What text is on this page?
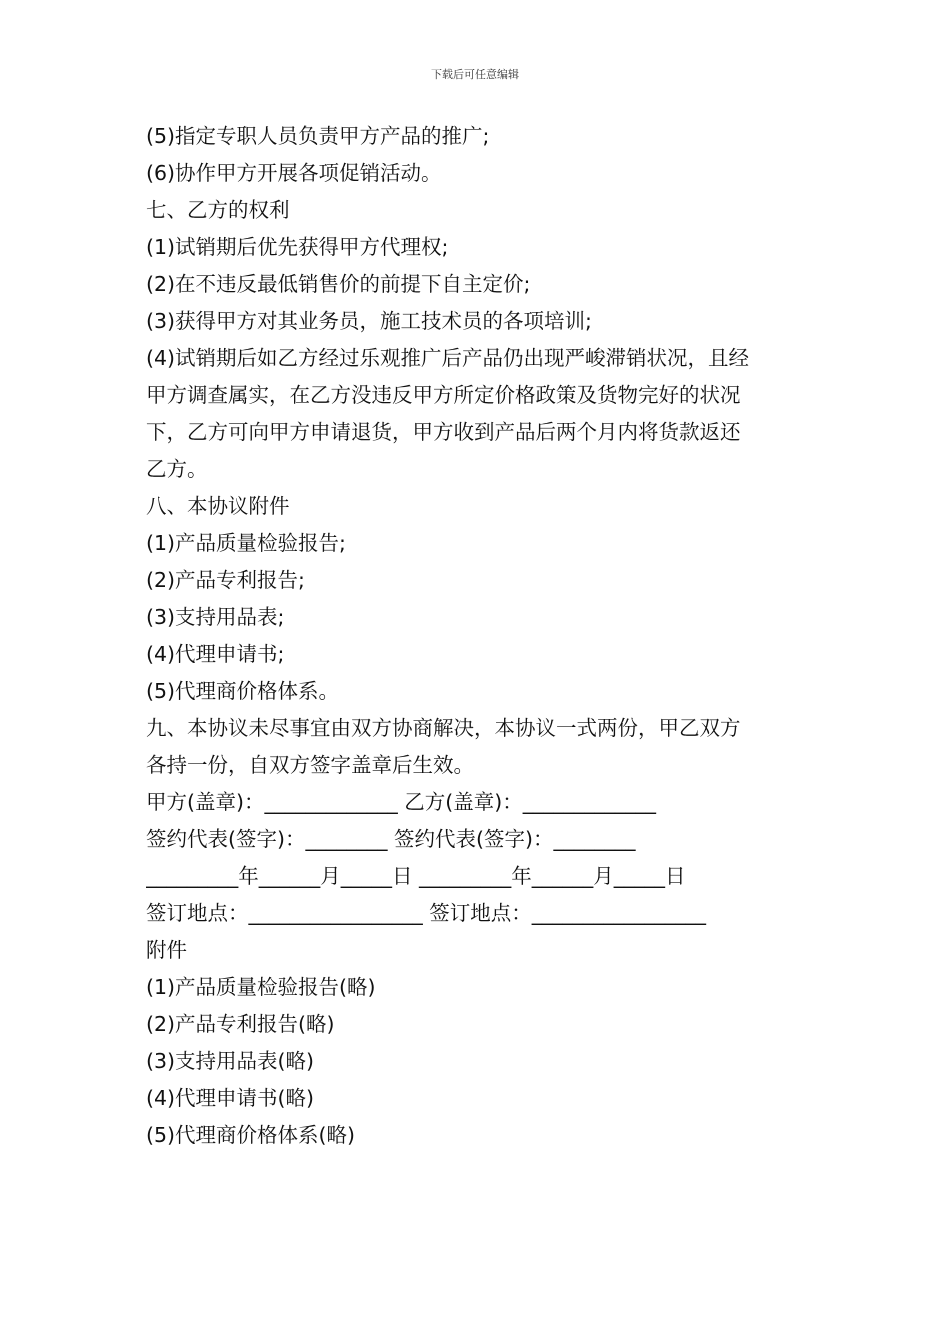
下载后可任意编辑
(5)指定专职人员负责甲方产品的推广;
(6)协作甲方开展各项促销活动。
七、乙方的权利
(1)试销期后优先获得甲方代理权;
(2)在不违反最低销售价的前提下自主定价;
(3)获得甲方对其业务员，施工技术员的各项培训;
(4)试销期后如乙方经过乐观推广后产品仍出现严峻滞销状况，且经
甲方调查属实，在乙方没违反甲方所定价格政策及货物完好的状况
下，乙方可向甲方申请退货，甲方收到产品后两个月内将货款返还
乙方。
八、本协议附件
(1)产品质量检验报告;
(2)产品专利报告;
(3)支持用品表;
(4)代理申请书;
(5)代理商价格体系。
九、本协议未尽事宜由双方协商解决，本协议一式两份，甲乙双方
各持一份，自双方签字盖章后生效。
甲方(盖章)：_____________ 乙方(盖章)：_____________
签约代表(签字)：________ 签约代表(签字)：________
_________年______月_____日 _________年______月_____日
签订地点：_________________ 签订地点：_________________
附件
(1)产品质量检验报告(略)
(2)产品专利报告(略)
(3)支持用品表(略)
(4)代理申请书(略)
(5)代理商价格体系(略)
